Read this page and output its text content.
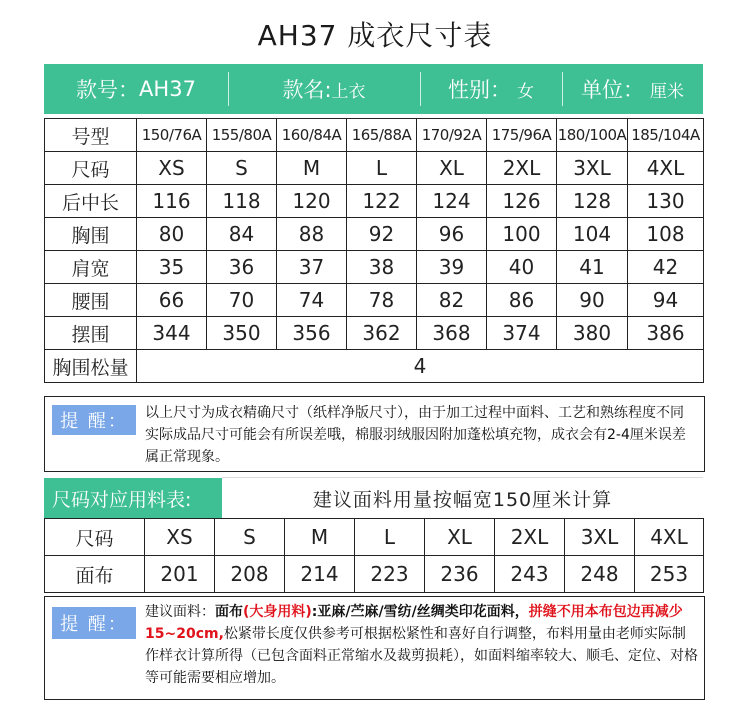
AH37 成衣尺寸表
款号： AH37	款名: 上衣	性别： 女 单位： 厘米
号型	150/76A	155/80A	160/84A	165/88A	170/92A	175/96A	180/100A	185/104A
尺码	XS	S	M	L	XL	2XL	3XL	4XL
后中长	116	118	120	122	124	126	128	130
胸围	80	84	88	92	96	100	104	108
肩宽	35	36	37	38	39	40	41	42
腰围	66	70	74	78	82	86	90	94
摆围	344	350	356	362	368	374	380	386
胸围松量	4							
提 醒：	以上尺寸为成衣精确尺寸（纸样净版尺寸），由于加工过程中面料、工艺和熟练程度不同实际成品尺寸可能会有所误差哦，棉服羽绒服因附加蓬松填充物，成衣会有2-4厘米误差属正常现象。
尺码对应用料表:	建议面料用量按幅宽150厘米计算
尺码	XS	S	M	L	XL	2XL	3XL	4XL
面布	201	208	214	223	236	243	248	253
提 醒：
建议面料：面布(大身用料):亚麻/苎麻/雪纺/丝绸类印花面料，拼缝不用本布包边再减少15~20cm,松紧带长度仅供参考可根据松紧性和喜好自行调整，布料用量由老师实际制作样衣计算所得（已包含面料正常缩水及裁剪损耗），如面料缩率较大、顺毛、定位、对格等可能需要相应增加。
